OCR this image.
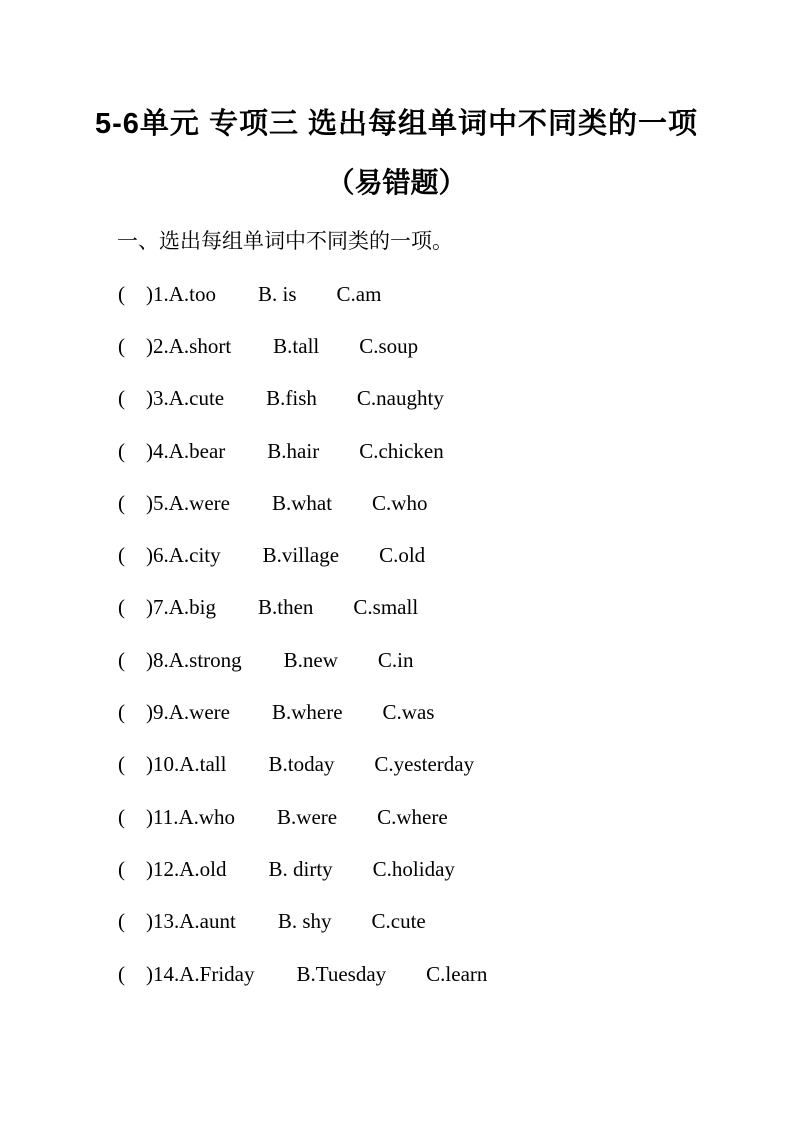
5-6单元 专项三 选出每组单词中不同类的一项
（易错题）
一、选出每组单词中不同类的一项。
(    )1.A.too B. is C.am
(    )2.A.short B.tall C.soup
(    )3.A.cute B.fish C.naughty
(    )4.A.bear B.hair C.chicken
(    )5.A.were B.what C.who
(    )6.A.city B.village C.old
(    )7.A.big B.then C.small
(    )8.A.strong B.new C.in
(    )9.A.were B.where C.was
(    )10.A.tall B.today C.yesterday
(    )11.A.who B.were C.where
(    )12.A.old B. dirty C.holiday
(    )13.A.aunt B. shy C.cute
(    )14.A.Friday B.Tuesday C.learn
